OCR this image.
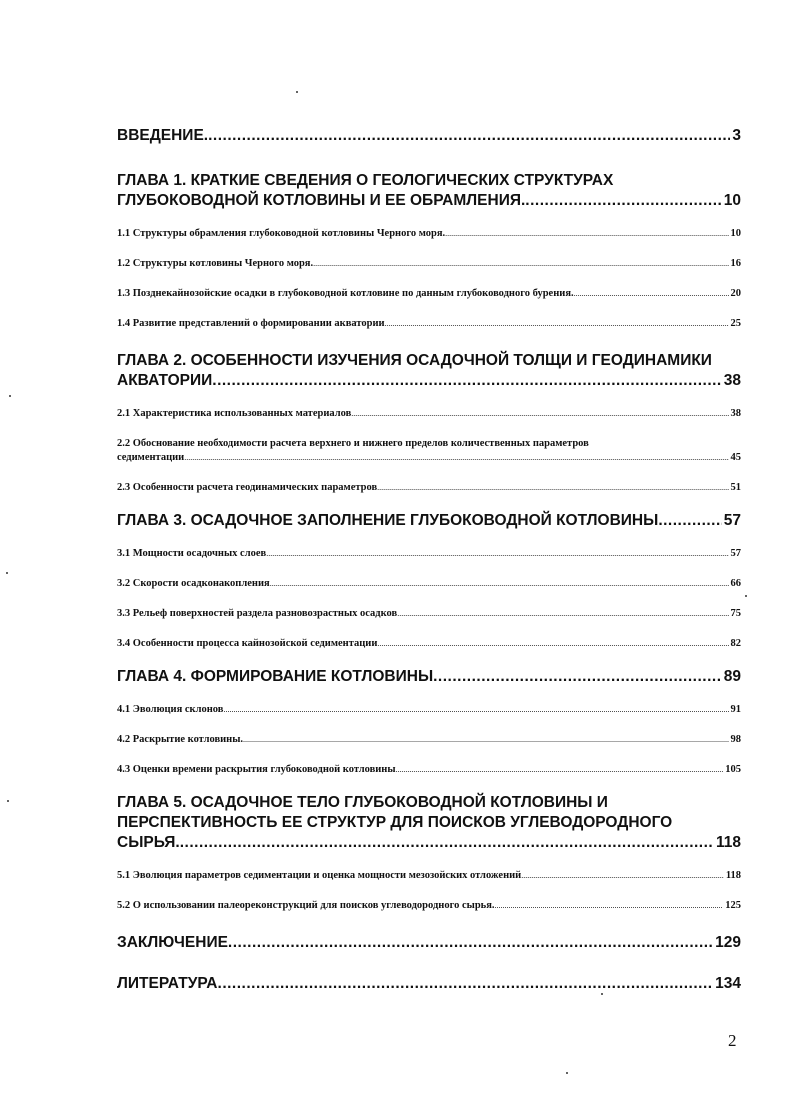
ВВЕДЕНИЕ. .....	3
ГЛАВА 1. КРАТКИЕ СВЕДЕНИЯ О ГЕОЛОГИЧЕСКИХ СТРУКТУРАХ
ГЛУБОКОВОДНОЙ КОТЛОВИНЫ И ЕЕ ОБРАМЛЕНИЯ. .....	10
1.1 Структуры обрамления глубоководной котловины Черного моря. .....	10
1.2 Структуры котловины Черного моря. .....	16
1.3 Позднекайнозойские осадки в глубоководной котловине по данным глубоководного бурения. .....	20
1.4 Развитие представлений о формировании акватории .....	25
ГЛАВА 2. ОСОБЕННОСТИ ИЗУЧЕНИЯ ОСАДОЧНОЙ ТОЛЩИ И ГЕОДИНАМИКИ
АКВАТОРИИ .....	38
2.1 Характеристика использованных материалов .....	38
2.2 Обоснование необходимости расчета верхнего и нижнего пределов количественных параметров
седиментации .....	45
2.3 Особенности расчета геодинамических параметров .....	51
ГЛАВА 3. ОСАДОЧНОЕ ЗАПОЛНЕНИЕ ГЛУБОКОВОДНОЙ КОТЛОВИНЫ .....	57
3.1 Мощности осадочных слоев .....	57
3.2 Скорости осадконакопления .....	66
3.3 Рельеф поверхностей раздела разновозрастных осадков .....	75
3.4 Особенности процесса кайнозойской седиментации .....	82
ГЛАВА 4. ФОРМИРОВАНИЕ КОТЛОВИНЫ .....	89
4.1 Эволюция склонов .....	91
4.2 Раскрытие котловины. .....	98
4.3 Оценки времени раскрытия глубоководной котловины .....	105
ГЛАВА 5. ОСАДОЧНОЕ ТЕЛО ГЛУБОКОВОДНОЙ КОТЛОВИНЫ И
ПЕРСПЕКТИВНОСТЬ ЕЕ СТРУКТУР ДЛЯ ПОИСКОВ УГЛЕВОДОРОДНОГО
СЫРЬЯ. .....	118
5.1 Эволюция параметров седиментации и оценка мощности мезозойских отложений .....	118
5.2 О использовании палеореконструкций для поисков углеводородного сырья. .....	125
ЗАКЛЮЧЕНИЕ .....	129
ЛИТЕРАТУРА .....	134
2
